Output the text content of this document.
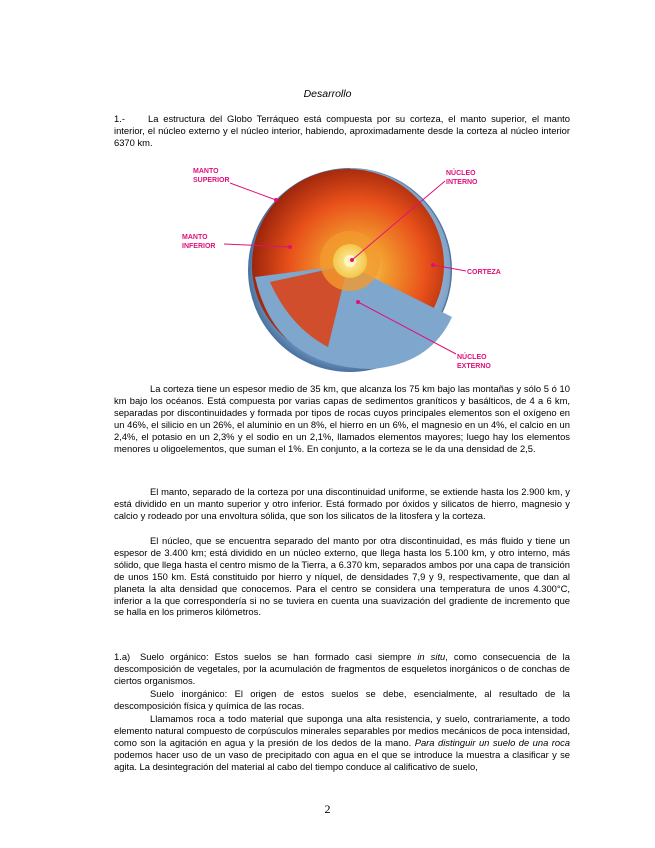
Desarrollo

1.- La estructura del Globo Terráqueo está compuesta por su corteza, el manto superior, el manto interior, el núcleo externo y el núcleo interior, habiendo, aproximadamente desde la corteza al núcleo interior 6370 km.

MANTO
SUPERIOR
MANTO
INFERIOR
NÚCLEO
INTERNO
CORTEZA
NÚCLEO
EXTERNO

La corteza tiene un espesor medio de 35 km, que alcanza los 75 km bajo las montañas y sólo 5 ó 10 km bajo los océanos. Está compuesta por varias capas de sedimentos graníticos y basálticos, de 4 a 6 km, separadas por discontinuidades y formada por tipos de rocas cuyos principales elementos son el oxígeno en un 46%, el silicio en un 26%, el aluminio en un 8%, el hierro en un 6%, el magnesio en un 4%, el calcio en un 2,4%, el potasio en un 2,3% y el sodio en un 2,1%, llamados elementos mayores; luego hay los elementos menores u oligoelementos, que suman el 1%. En conjunto, a la corteza se le da una densidad de 2,5.

El manto, separado de la corteza por una discontinuidad uniforme, se extiende hasta los 2.900 km, y está dividido en un manto superior y otro inferior. Está formado por óxidos y silicatos de hierro, magnesio y calcio y rodeado por una envoltura sólida, que son los silicatos de la litosfera y la corteza.

El núcleo, que se encuentra separado del manto por otra discontinuidad, es más fluido y tiene un espesor de 3.400 km; está dividido en un núcleo externo, que llega hasta los 5.100 km, y otro interno, más sólido, que llega hasta el centro mismo de la Tierra, a 6.370 km, separados ambos por una capa de transición de unos 150 km. Está constituido por hierro y níquel, de densidades 7,9 y 9, respectivamente, que dan al planeta la alta densidad que conocemos. Para el centro se considera una temperatura de unos 4.300°C, inferior a la que correspondería si no se tuviera en cuenta una suavización del gradiente de incremento que se halla en los primeros kilómetros.

1.a) Suelo orgánico: Estos suelos se han formado casi siempre in situ, como consecuencia de la descomposición de vegetales, por la acumulación de fragmentos de esqueletos inorgánicos o de conchas de ciertos organismos.

Suelo inorgánico: El origen de estos suelos se debe, esencialmente, al resultado de la descomposición física y química de las rocas.

Llamamos roca a todo material que suponga una alta resistencia, y suelo, contrariamente, a todo elemento natural compuesto de corpúsculos minerales separables por medios mecánicos de poca intensidad, como son la agitación en agua y la presión de los dedos de la mano. Para distinguir un suelo de una roca podemos hacer uso de un vaso de precipitado con agua en el que se introduce la muestra a clasificar y se agita. La desintegración del material al cabo del tiempo conduce al calificativo de suelo,

2
